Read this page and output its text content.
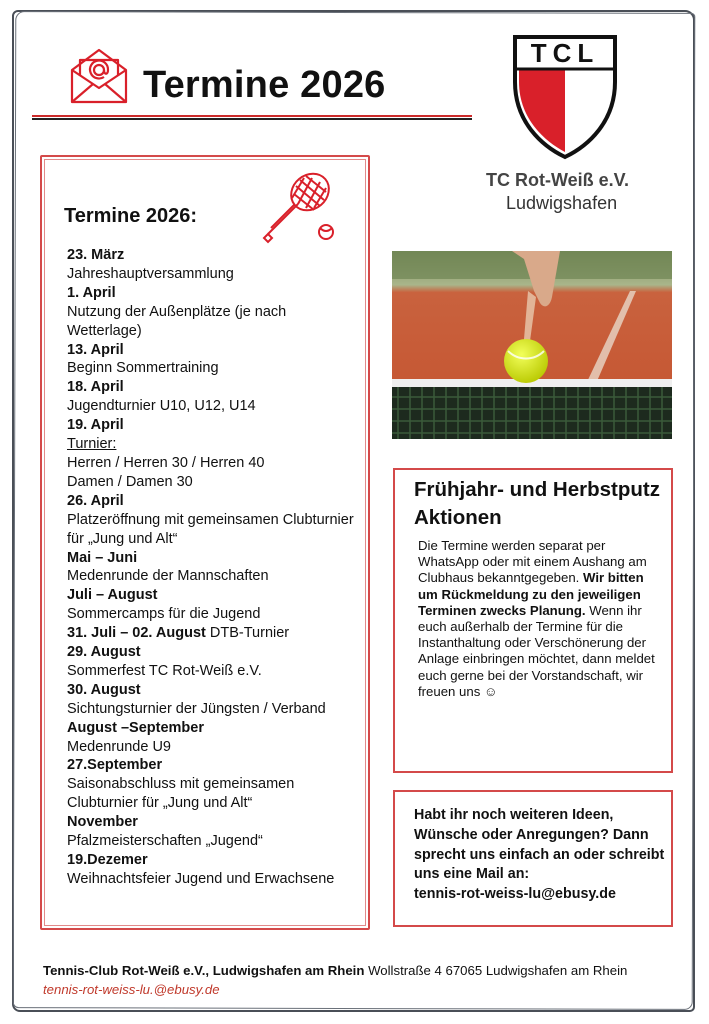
Termine 2026
TCL
TC Rot-Weiß e.V.
Ludwigshafen
Termine 2026:
23. März
Jahreshauptversammlung
1. April
Nutzung der Außenplätze (je nach Wetterlage)
13. April
Beginn Sommertraining
18. April
Jugendturnier U10, U12, U14
19. April
Turnier:
Herren / Herren 30 / Herren 40
Damen / Damen 30
26. April
Platzeröffnung mit gemeinsamen Clubturnier für „Jung und Alt“
Mai – Juni
Medenrunde der Mannschaften
Juli – August
Sommercamps für die Jugend
31. Juli – 02. August DTB-Turnier
29. August
Sommerfest TC Rot-Weiß e.V.
30. August
Sichtungsturnier der Jüngsten / Verband
August –September
Medenrunde U9
27.September
Saisonabschluss mit gemeinsamen Clubturnier für „Jung und Alt“
November
Pfalzmeisterschaften „Jugend“
19.Dezemer
Weihnachtsfeier Jugend und Erwachsene
Frühjahr- und Herbstputz Aktionen
Die Termine werden separat per WhatsApp oder mit einem Aushang am Clubhaus bekanntgegeben. Wir bitten um Rückmeldung zu den jeweiligen Terminen zwecks Planung. Wenn ihr euch außerhalb der Termine für die Instanthaltung oder Verschönerung der Anlage einbringen möchtet, dann meldet euch gerne bei der Vorstandschaft, wir freuen uns ☺
Habt ihr noch weiteren Ideen, Wünsche oder Anregungen? Dann sprecht uns einfach an oder schreibt uns eine Mail an:
tennis-rot-weiss-lu@ebusy.de
Tennis-Club Rot-Weiß e.V., Ludwigshafen am Rhein Wollstraße 4 67065 Ludwigshafen am Rhein
tennis-rot-weiss-lu.@ebusy.de
